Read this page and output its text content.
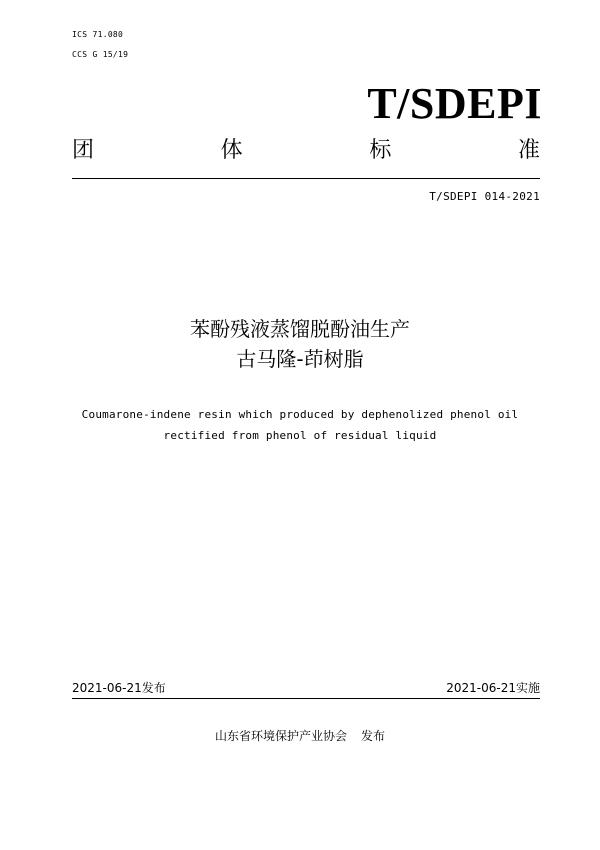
ICS 71.080
CCS G 15/19
T/SDEPI
团	体	标	准
T/SDEPI 014-2021
苯酚残液蒸馏脱酚油生产
古马隆-茚树脂
Coumarone-indene resin which produced by dephenolized phenol oil
rectified from phenol of residual liquid
2021-06-21发布	2021-06-21实施
山东省环境保护产业协会 发布
